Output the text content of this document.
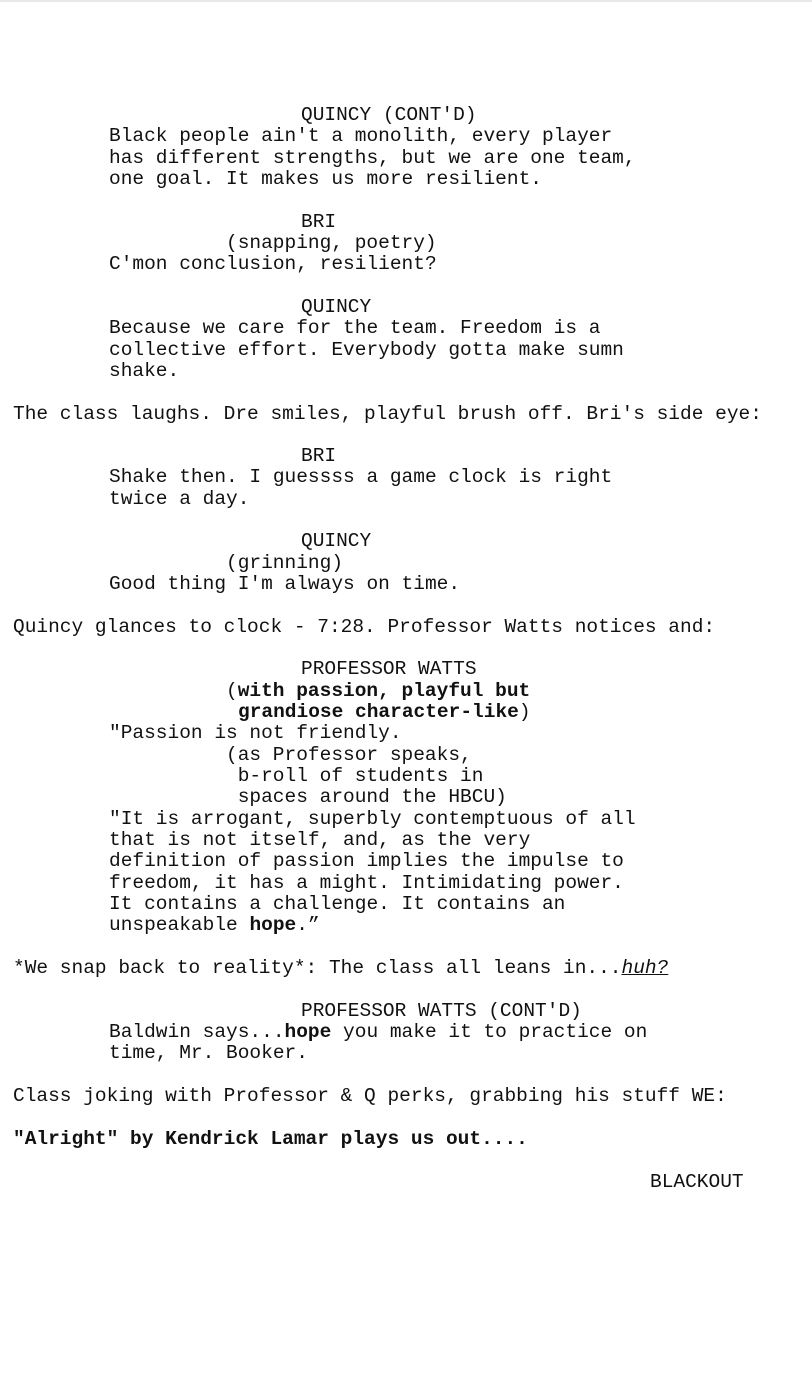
QUINCY (CONT'D)
Black people ain't a monolith, every player
has different strengths, but we are one team,
one goal. It makes us more resilient.
BRI
(snapping, poetry)
C'mon conclusion, resilient?
QUINCY
Because we care for the team. Freedom is a
collective effort. Everybody gotta make sumn
shake.
The class laughs. Dre smiles, playful brush off. Bri's side eye:
BRI
Shake then. I guessss a game clock is right
twice a day.
QUINCY
(grinning)
Good thing I'm always on time.
Quincy glances to clock - 7:28. Professor Watts notices and:
PROFESSOR WATTS
(with passion, playful but
grandiose character-like)
"Passion is not friendly.
(as Professor speaks,
b-roll of students in
spaces around the HBCU)
"It is arrogant, superbly contemptuous of all
that is not itself, and, as the very
definition of passion implies the impulse to
freedom, it has a might. Intimidating power.
It contains a challenge. It contains an
unspeakable hope.”
*We snap back to reality*: The class all leans in...huh?
PROFESSOR WATTS (CONT'D)
Baldwin says...hope you make it to practice on
time, Mr. Booker.
Class joking with Professor & Q perks, grabbing his stuff WE:
"Alright" by Kendrick Lamar plays us out....
BLACKOUT
